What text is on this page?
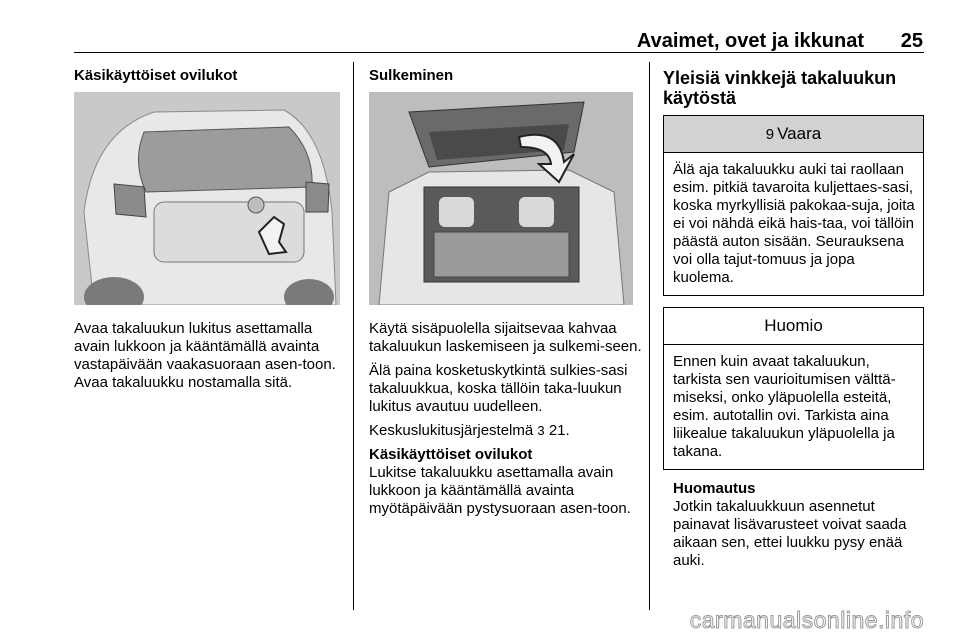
Avaimet, ovet ja ikkunat 25
Käsikäyttöiset ovilukot
Avaa takaluukun lukitus asettamalla avain lukkoon ja kääntämällä avainta vastapäivään vaakasuoraan asen-toon. Avaa takaluukku nostamalla sitä.
Sulkeminen

Käytä sisäpuolella sijaitsevaa kahvaa takaluukun laskemiseen ja sulkemi-seen.

Älä paina kosketuskytkintä sulkies-sasi takaluukkua, koska tällöin taka-luukun lukitus avautuu uudelleen.

Keskuslukitusjärjestelmä 3 21.

Käsikäyttöiset ovilukot

Lukitse takaluukku asettamalla avain lukkoon ja kääntämällä avainta myötäpäivään pystysuoraan asen-toon.

Yleisiä vinkkejä takaluukun käytöstä
9 Vaara
Älä aja takaluukku auki tai raollaan esim. pitkiä tavaroita kuljettaes-sasi, koska myrkyllisiä pakokaa-suja, joita ei voi nähdä eikä hais-taa, voi tällöin päästä auton sisään. Seurauksena voi olla tajut-tomuus ja jopa kuolema.
Huomio
Ennen kuin avaat takaluukun, tarkista sen vaurioitumisen välttä-miseksi, onko yläpuolella esteitä, esim. autotallin ovi. Tarkista aina liikealue takaluukun yläpuolella ja takana.
Huomautus
Jotkin takaluukkuun asennetut painavat lisävarusteet voivat saada aikaan sen, ettei luukku pysy enää auki.
carmanualsonline.info
